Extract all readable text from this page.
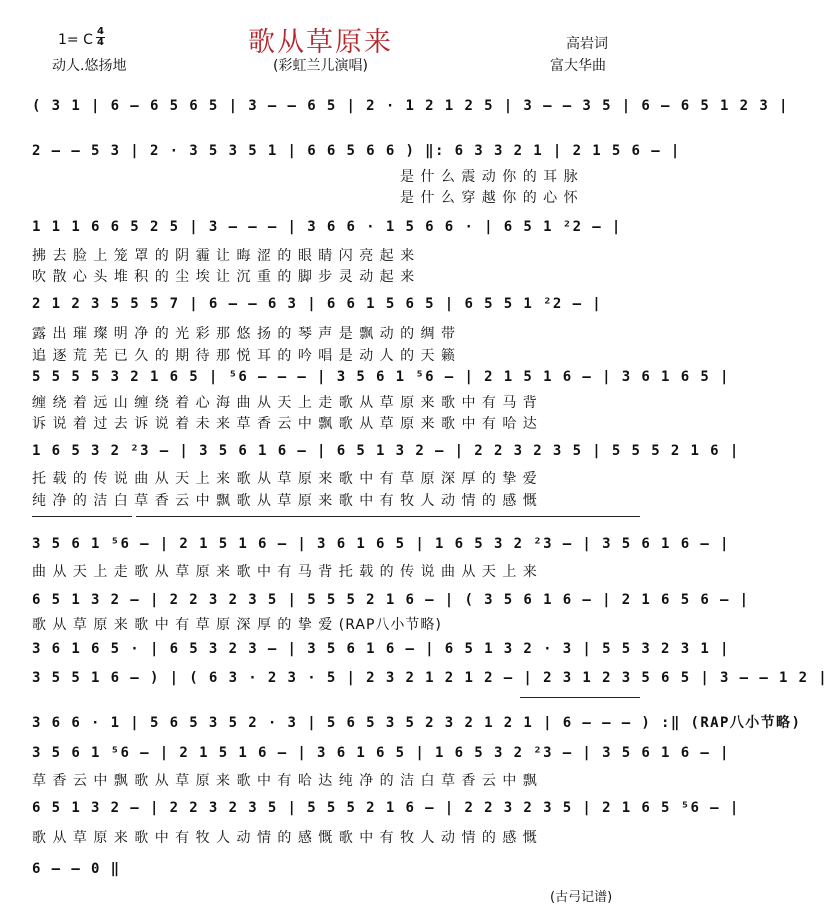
1= C
4
4	歌从草原来
动人.悠扬地	(彩虹兰儿演唱)
高岩词
富大华曲
( 3 1 | 6 — 6 5 6 5 | 3 — — 6 5 | 2 · 1 2 1 2 5 | 3 — — 3 5 | 6 — 6 5 1 2 3 |
2 — — 5 3 | 2 · 3 5 3 5 1 | 6 6 5 6 6 ) ‖: 6 3 3 2 1 | 2 1 5 6 — |
是 什 么 震 动 你 的 耳 脉
是 什 么 穿 越 你 的 心 怀
1 1 1 6 6 5 2 5 | 3 — — — | 3 6 6 · 1 5 6 6 · | 6 5 1 ²2 — |
拂 去 脸 上 笼 罩 的 阴 霾 让 晦 涩 的 眼 睛 闪 亮 起 来
吹 散 心 头 堆 积 的 尘 埃 让 沉 重 的 脚 步 灵 动 起 来
2 1 2 3 5 5 5 7 | 6 — — 6 3 | 6 6 1 5 6 5 | 6 5 5 1 ²2 — |
露 出 璀 璨 明 净 的 光 彩 那 悠 扬 的 琴 声 是 飘 动 的 绸 带
追 逐 荒 芜 已 久 的 期 待 那 悦 耳 的 吟 唱 是 动 人 的 天 籁
5 5 5 5 3 2 1 6 5 | ⁵6 — — — | 3 5 6 1 ⁵6 — | 2 1 5 1 6 — | 3 6 1 6 5 |
缠 绕 着 远 山 缠 绕 着 心 海 曲 从 天 上 走 歌 从 草 原 来 歌 中 有 马 背
诉 说 着 过 去 诉 说 着 未 来 草 香 云 中 飘 歌 从 草 原 来 歌 中 有 哈 达
1 6 5 3 2 ²3 — | 3 5 6 1 6 — | 6 5 1 3 2 — | 2 2 3 2 3 5 | 5 5 5 2 1 6 |
托 载 的 传 说 曲 从 天 上 来 歌 从 草 原 来 歌 中 有 草 原 深 厚 的 挚 爱
纯 净 的 洁 白 草 香 云 中 飘 歌 从 草 原 来 歌 中 有 牧 人 动 情 的 感 慨
3 5 6 1 ⁵6 — | 2 1 5 1 6 — | 3 6 1 6 5 | 1 6 5 3 2 ²3 — | 3 5 6 1 6 — |
曲 从 天 上 走 歌 从 草 原 来 歌 中 有 马 背 托 载 的 传 说 曲 从 天 上 来
6 5 1 3 2 — | 2 2 3 2 3 5 | 5 5 5 2 1 6 — | ( 3 5 6 1 6 — | 2 1 6 5 6 — |
歌 从 草 原 来 歌 中 有 草 原 深 厚 的 挚 爱 (RAP八小节略)
3 6 1 6 5 · | 6 5 3 2 3 — | 3 5 6 1 6 — | 6 5 1 3 2 · 3 | 5 5 3 2 3 1 |
3 5 5 1 6 — ) | ( 6 3 · 2 3 · 5 | 2 3 2 1 2 1 2 — | 2 3 1 2 3 5 6 5 | 3 — — 1 2 |
3 6 6 · 1 | 5 6 5 3 5 2 · 3 | 5 6 5 3 5 2 3 2 1 2 1 | 6 — — — ) :‖ (RAP八小节略)
3 5 6 1 ⁵6 — | 2 1 5 1 6 — | 3 6 1 6 5 | 1 6 5 3 2 ²3 — | 3 5 6 1 6 — |
草 香 云 中 飘 歌 从 草 原 来 歌 中 有 哈 达 纯 净 的 洁 白 草 香 云 中 飘
6 5 1 3 2 — | 2 2 3 2 3 5 | 5 5 5 2 1 6 — | 2 2 3 2 3 5 | 2 1 6 5 ⁵6 — |
歌 从 草 原 来 歌 中 有 牧 人 动 情 的 感 慨 歌 中 有 牧 人 动 情 的 感 慨
6 — — 0 ‖
(古弓记谱)
